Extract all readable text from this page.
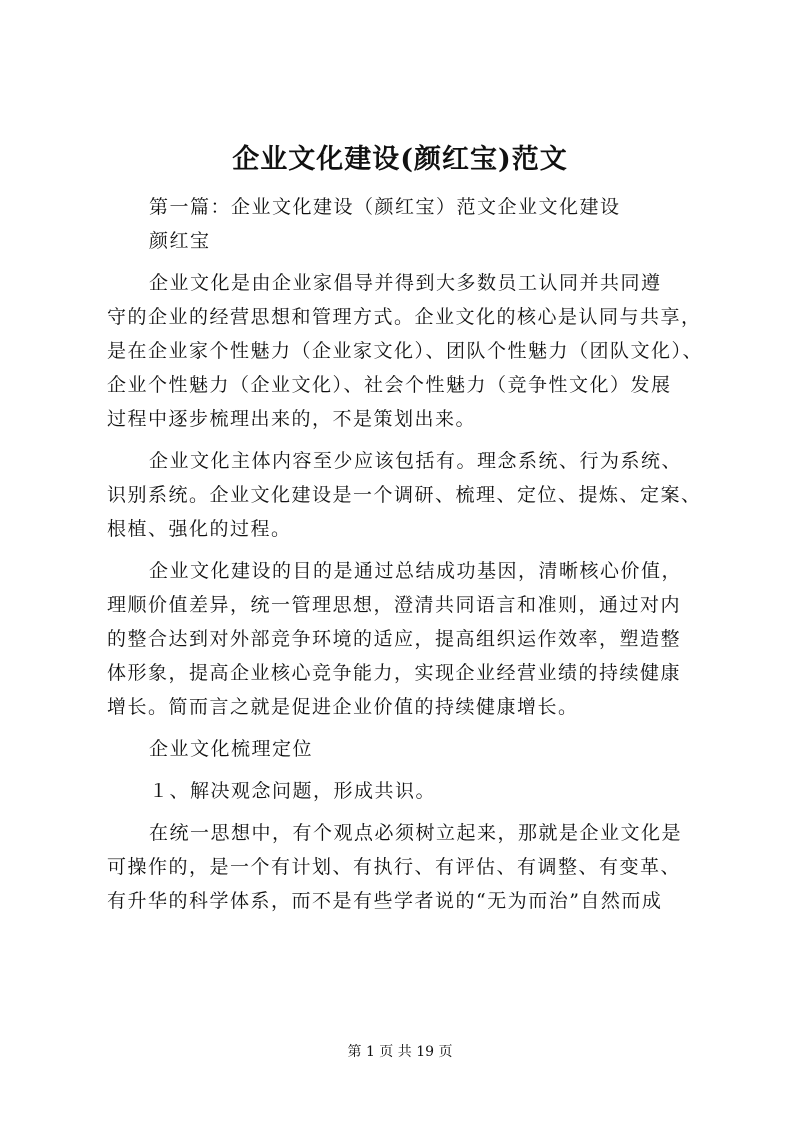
企业文化建设(颜红宝)范文
第一篇：企业文化建设（颜红宝）范文企业文化建设
颜红宝
企业文化是由企业家倡导并得到大多数员工认同并共同遵
守的企业的经营思想和管理方式。企业文化的核心是认同与共享，
是在企业家个性魅力（企业家文化）、团队个性魅力（团队文化）、
企业个性魅力（企业文化）、社会个性魅力（竞争性文化）发展
过程中逐步梳理出来的，不是策划出来。
企业文化主体内容至少应该包括有。理念系统、行为系统、
识别系统。企业文化建设是一个调研、梳理、定位、提炼、定案、
根植、强化的过程。
企业文化建设的目的是通过总结成功基因，清晰核心价值，
理顺价值差异，统一管理思想，澄清共同语言和准则，通过对内
的整合达到对外部竞争环境的适应，提高组织运作效率，塑造整
体形象，提高企业核心竞争能力，实现企业经营业绩的持续健康
增长。简而言之就是促进企业价值的持续健康增长。
企业文化梳理定位
１、解决观念问题，形成共识。
在统一思想中，有个观点必须树立起来，那就是企业文化是
可操作的，是一个有计划、有执行、有评估、有调整、有变革、
有升华的科学体系，而不是有些学者说的“无为而治”自然而成
第 1 页 共 19 页
